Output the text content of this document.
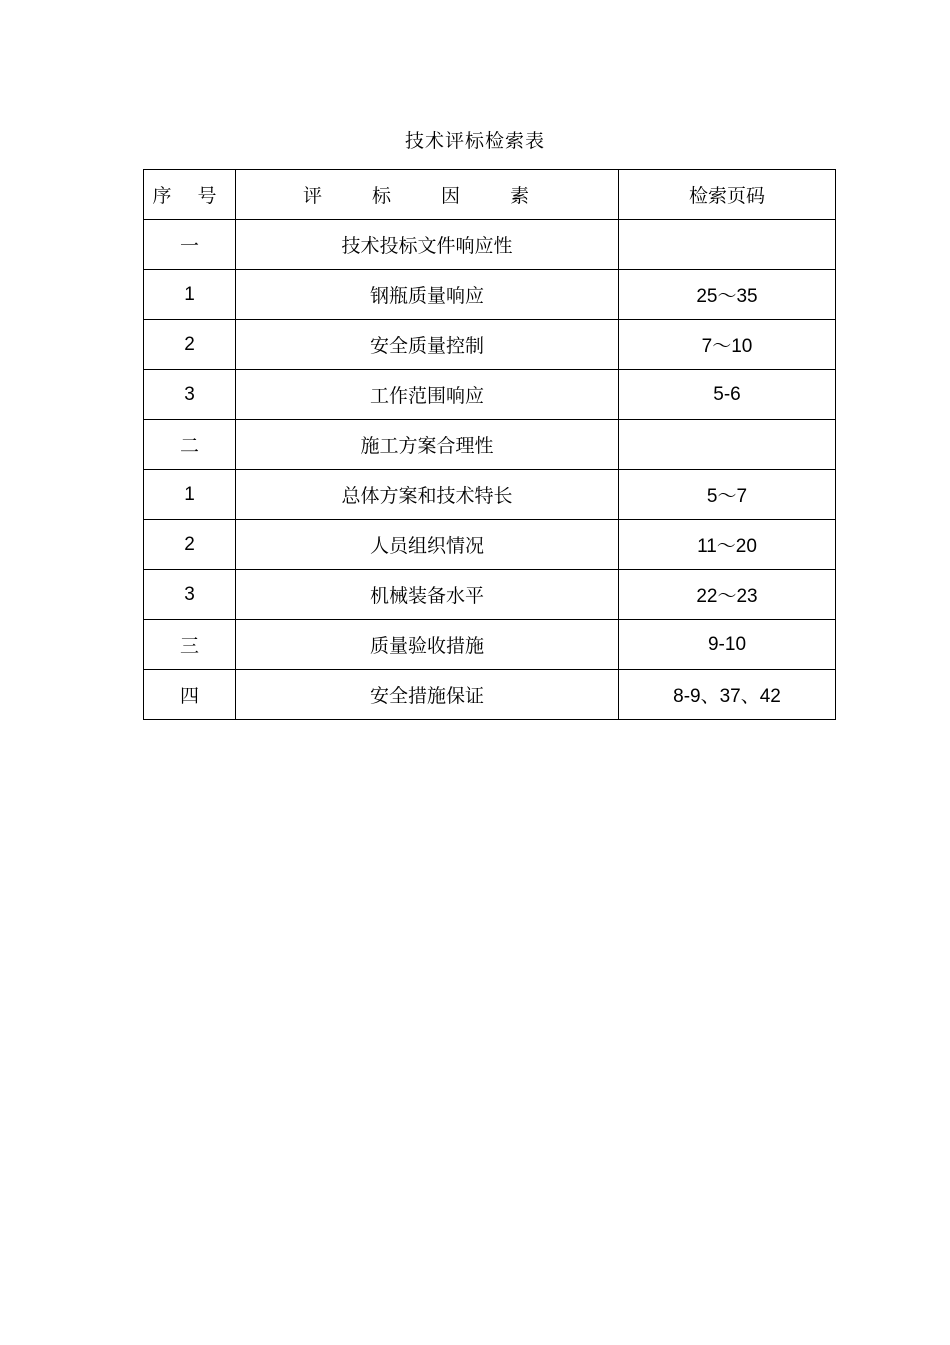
技术评标检索表
序 号	评 标 因 素	检索页码
一	技术投标文件响应性	
1	钢瓶质量响应	25～35
2	安全质量控制	7～10
3	工作范围响应	5-6
二	施工方案合理性	
1	总体方案和技术特长	5～7
2	人员组织情况	11～20
3	机械装备水平	22～23
三	质量验收措施	9-10
四	安全措施保证	8-9、37、42
